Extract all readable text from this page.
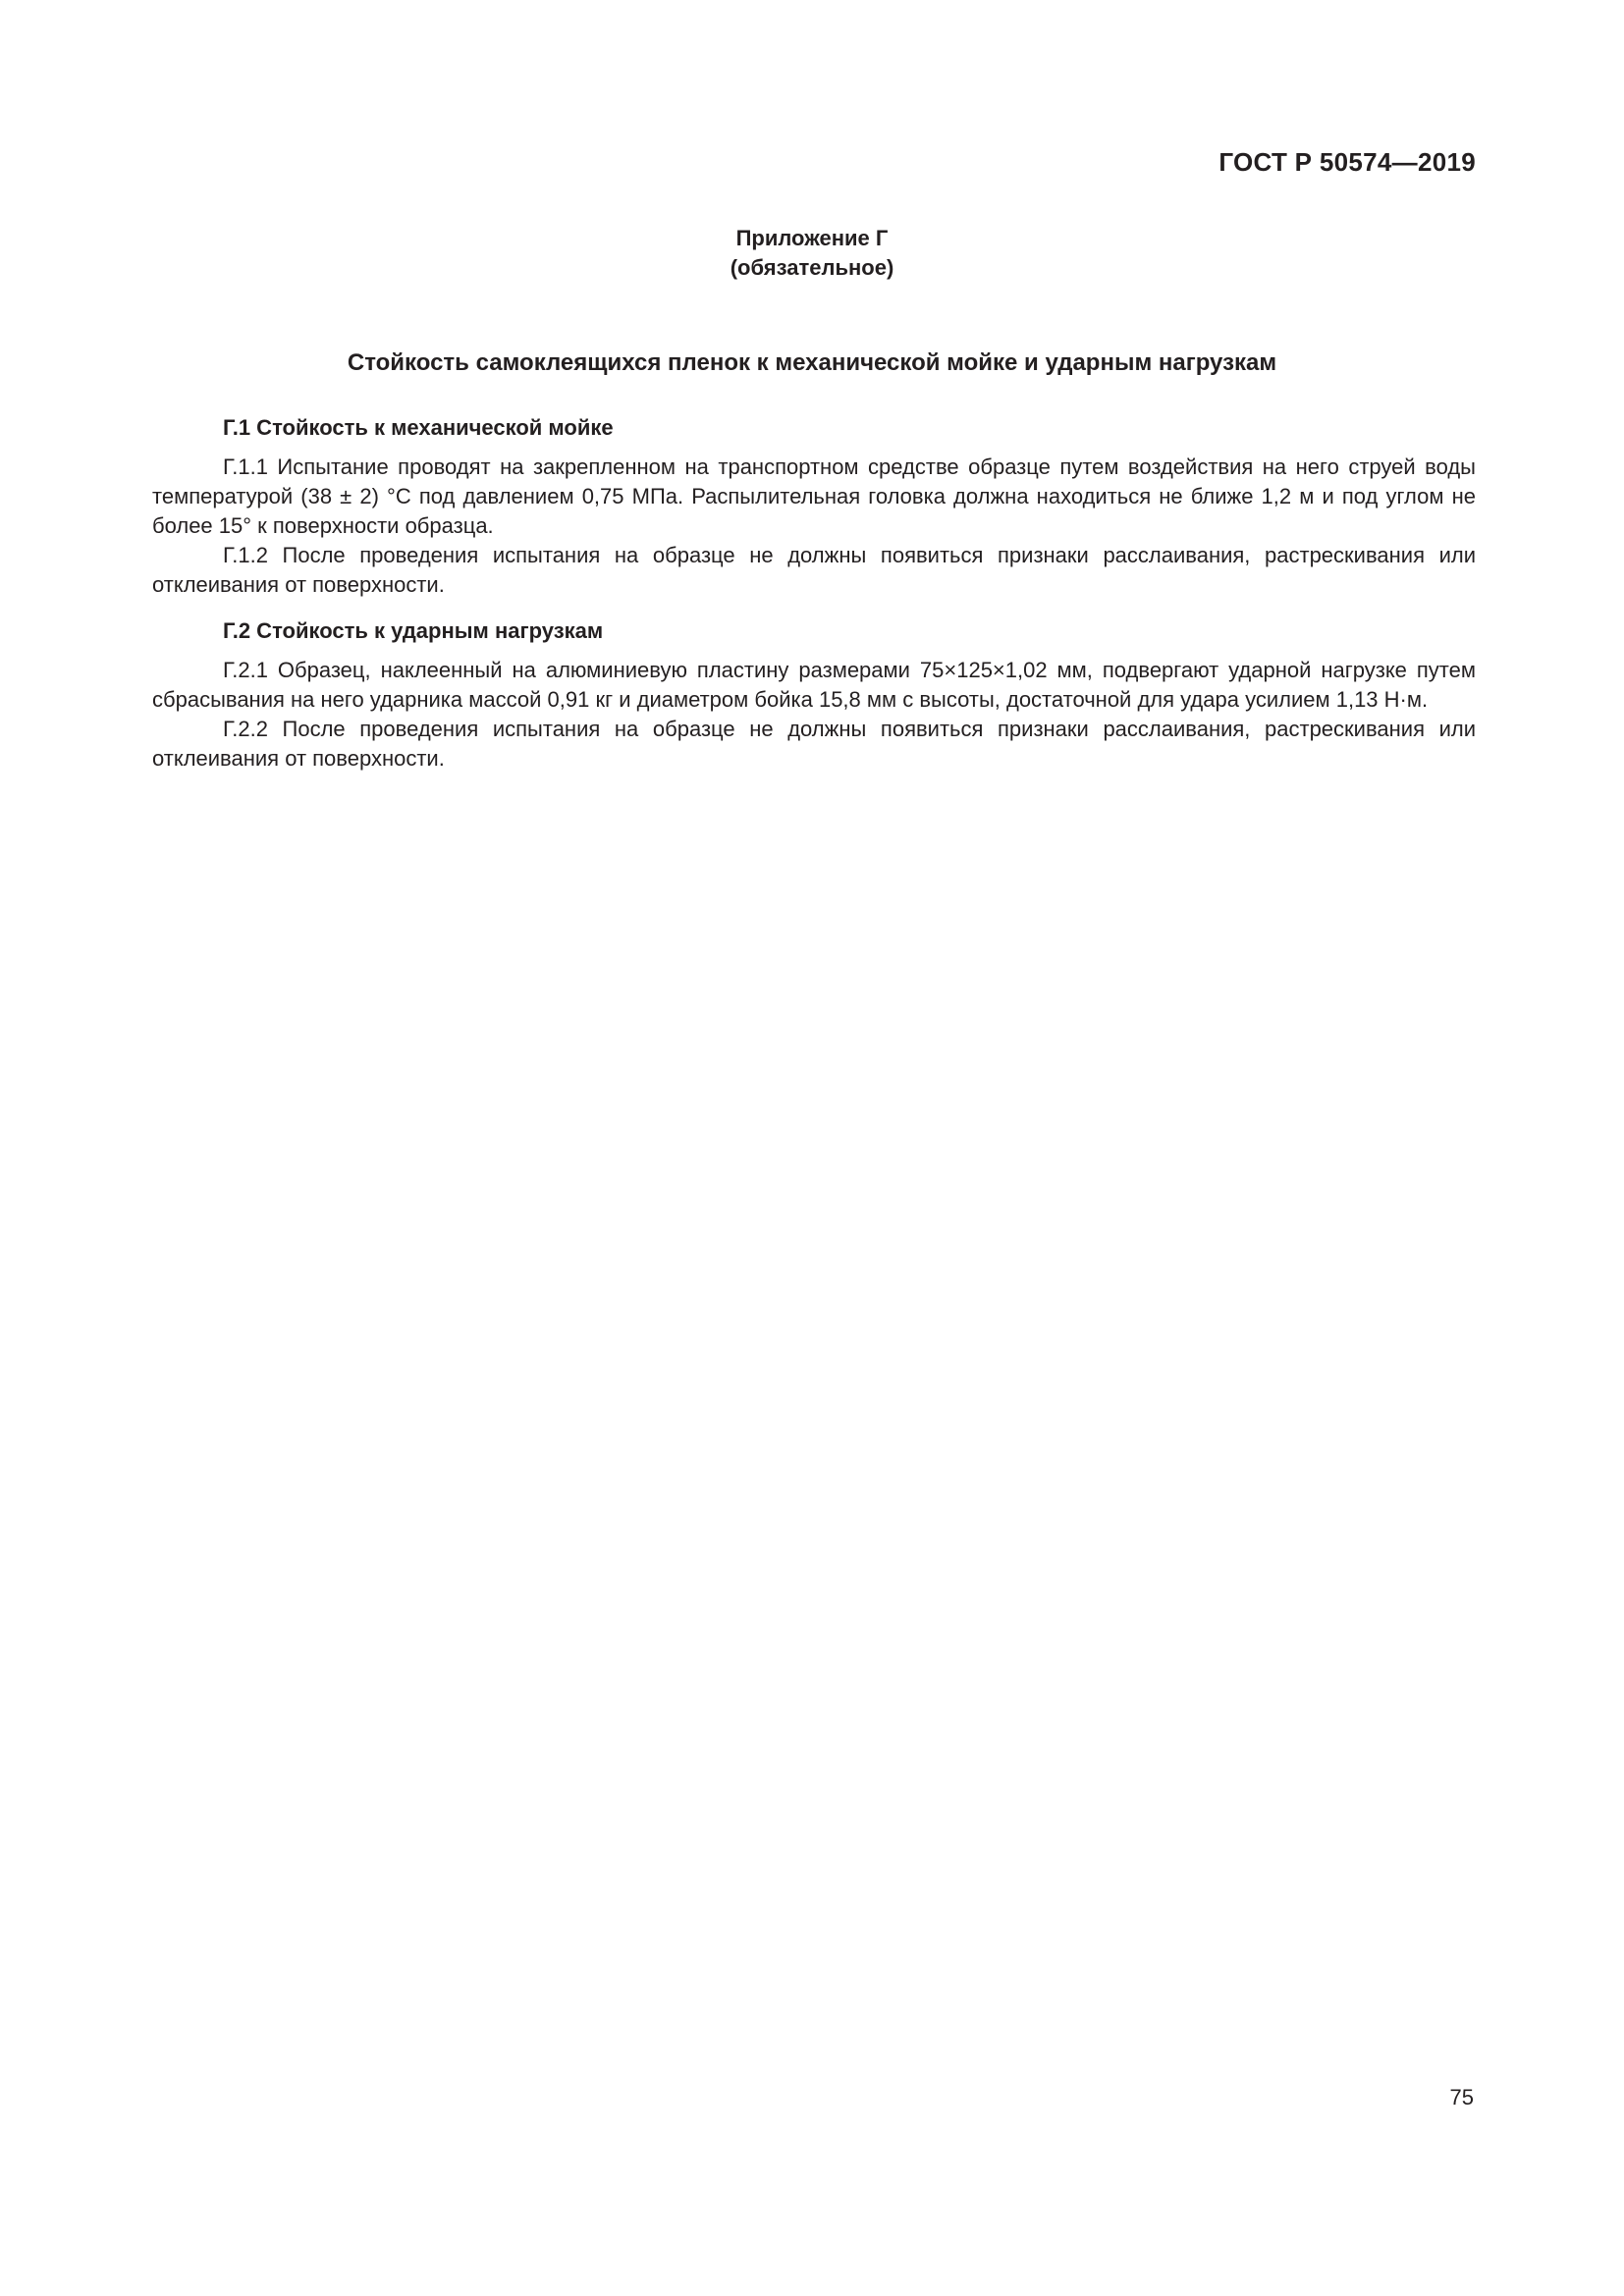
ГОСТ Р 50574—2019
Приложение Г
(обязательное)
Стойкость самоклеящихся пленок к механической мойке и ударным нагрузкам

Г.1 Стойкость к механической мойке

Г.1.1 Испытание проводят на закрепленном на транспортном средстве образце путем воздействия на него струей воды температурой (38 ± 2) °С под давлением 0,75 МПа. Распылительная головка должна находиться не ближе 1,2 м и под углом не более 15° к поверхности образца.

Г.1.2 После проведения испытания на образце не должны появиться признаки расслаивания, растрескивания или отклеивания от поверхности.

Г.2 Стойкость к ударным нагрузкам

Г.2.1 Образец, наклеенный на алюминиевую пластину размерами 75×125×1,02 мм, подвергают ударной нагрузке путем сбрасывания на него ударника массой 0,91 кг и диаметром бойка 15,8 мм с высоты, достаточной для удара усилием 1,13 Н·м.

Г.2.2 После проведения испытания на образце не должны появиться признаки расслаивания, растрескивания или отклеивания от поверхности.

75
